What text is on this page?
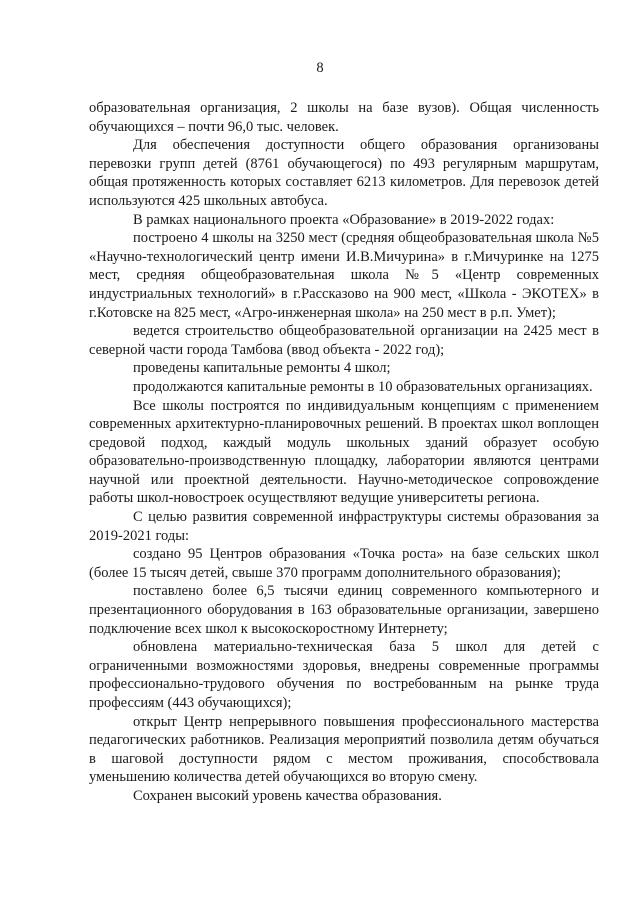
8

образовательная организация, 2 школы на базе вузов). Общая численность обучающихся – почти 96,0 тыс. человек.

Для обеспечения доступности общего образования организованы перевозки групп детей (8761 обучающегося) по 493 регулярным маршрутам, общая протяженность которых составляет 6213 километров. Для перевозок детей используются 425 школьных автобуса.

В рамках национального проекта «Образование» в 2019-2022 годах:

построено 4 школы на 3250 мест (средняя общеобразовательная школа №5 «Научно-технологический центр имени И.В.Мичурина» в г.Мичуринке на 1275 мест, средняя общеобразовательная школа №5 «Центр современных индустриальных технологий» в г.Рассказово на 900 мест, «Школа - ЭКОТЕХ» в г.Котовске на 825 мест, «Агро-инженерная школа» на 250 мест в р.п. Умет);

ведется строительство общеобразовательной организации на 2425 мест в северной части города Тамбова (ввод объекта - 2022 год);

проведены капитальные ремонты 4 школ;

продолжаются капитальные ремонты в 10 образовательных организациях.

Все школы построятся по индивидуальным концепциям с применением современных архитектурно-планировочных решений. В проектах школ воплощен средовой подход, каждый модуль школьных зданий образует особую образовательно-производственную площадку, лаборатории являются центрами научной или проектной деятельности. Научно-методическое сопровождение работы школ-новостроек осуществляют ведущие университеты региона.

С целью развития современной инфраструктуры системы образования за 2019-2021 годы:

создано 95 Центров образования «Точка роста» на базе сельских школ (более 15 тысяч детей, свыше 370 программ дополнительного образования);

поставлено более 6,5 тысячи единиц современного компьютерного и презентационного оборудования в 163 образовательные организации, завершено подключение всех школ к высокоскоростному Интернету;

обновлена материально-техническая база 5 школ для детей с ограниченными возможностями здоровья, внедрены современные программы профессионально-трудового обучения по востребованным на рынке труда профессиям (443 обучающихся);

открыт Центр непрерывного повышения профессионального мастерства педагогических работников. Реализация мероприятий позволила детям обучаться в шаговой доступности рядом с местом проживания, способствовала уменьшению количества детей обучающихся во вторую смену.

Сохранен высокий уровень качества образования.
